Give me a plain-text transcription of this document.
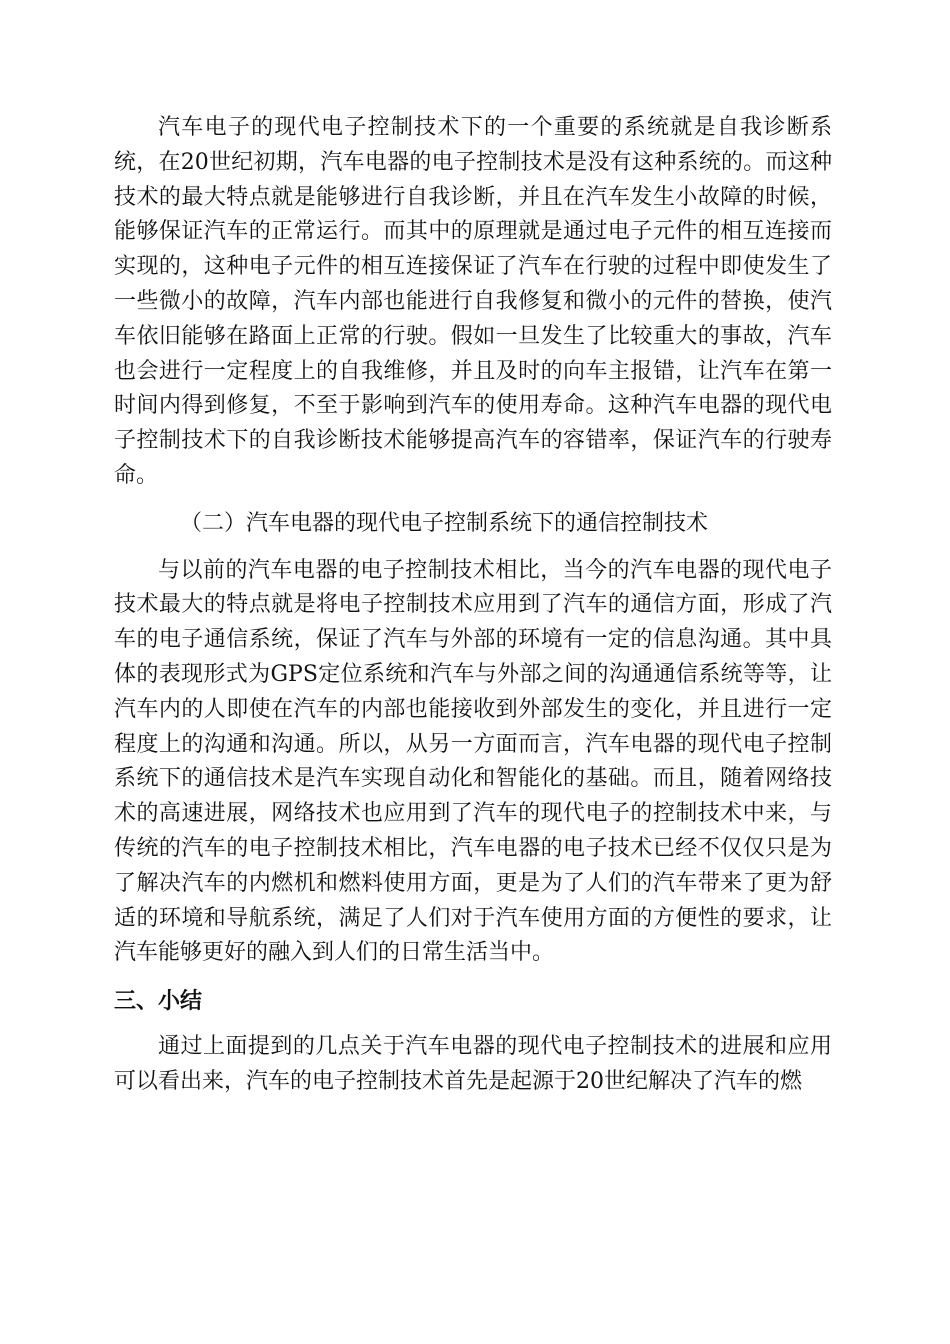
汽车电子的现代电子控制技术下的一个重要的系统就是自我诊断系统，在20世纪初期，汽车电器的电子控制技术是没有这种系统的。而这种技术的最大特点就是能够进行自我诊断，并且在汽车发生小故障的时候，能够保证汽车的正常运行。而其中的原理就是通过电子元件的相互连接而实现的，这种电子元件的相互连接保证了汽车在行驶的过程中即使发生了一些微小的故障，汽车内部也能进行自我修复和微小的元件的替换，使汽车依旧能够在路面上正常的行驶。假如一旦发生了比较重大的事故，汽车也会进行一定程度上的自我维修，并且及时的向车主报错，让汽车在第一时间内得到修复，不至于影响到汽车的使用寿命。这种汽车电器的现代电子控制技术下的自我诊断技术能够提高汽车的容错率，保证汽车的行驶寿命。

（二）汽车电器的现代电子控制系统下的通信控制技术

与以前的汽车电器的电子控制技术相比，当今的汽车电器的现代电子技术最大的特点就是将电子控制技术应用到了汽车的通信方面，形成了汽车的电子通信系统，保证了汽车与外部的环境有一定的信息沟通。其中具体的表现形式为GPS定位系统和汽车与外部之间的沟通通信系统等等，让汽车内的人即使在汽车的内部也能接收到外部发生的变化，并且进行一定程度上的沟通和沟通。所以，从另一方面而言，汽车电器的现代电子控制系统下的通信技术是汽车实现自动化和智能化的基础。而且，随着网络技术的高速进展，网络技术也应用到了汽车的现代电子的控制技术中来，与传统的汽车的电子控制技术相比，汽车电器的电子技术已经不仅仅只是为了解决汽车的内燃机和燃料使用方面，更是为了人们的汽车带来了更为舒适的环境和导航系统，满足了人们对于汽车使用方面的方便性的要求，让汽车能够更好的融入到人们的日常生活当中。

三、小结

通过上面提到的几点关于汽车电器的现代电子控制技术的进展和应用可以看出来，汽车的电子控制技术首先是起源于20世纪解决了汽车的燃
